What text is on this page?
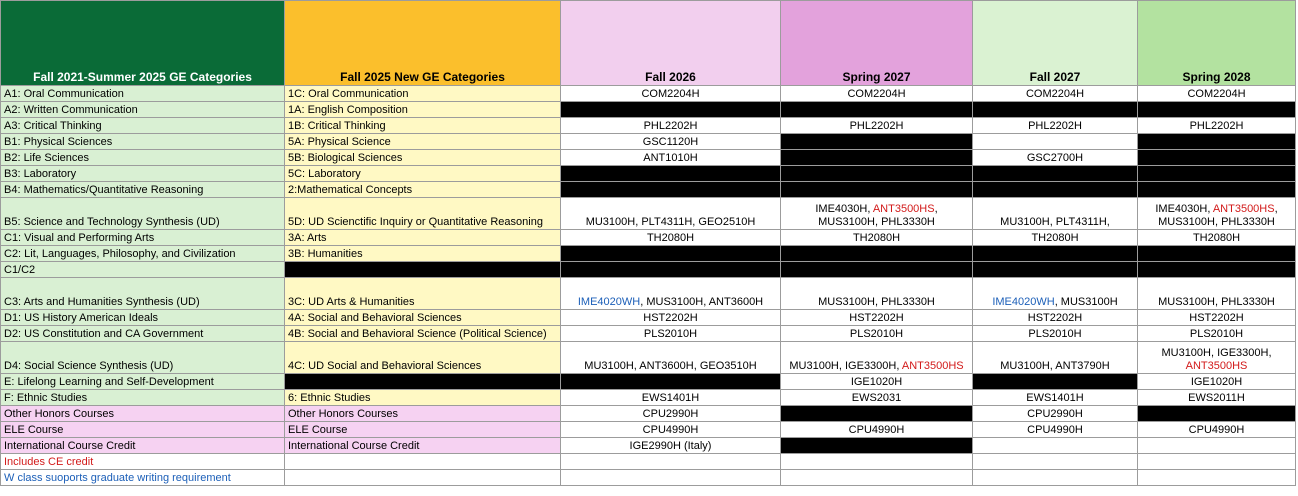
Fall 2021-Summer 2025 GE Categories	Fall 2025 New GE Categories	Fall 2026	Spring 2027	Fall 2027	Spring 2028
A1: Oral Communication	1C: Oral Communication	COM2204H	COM2204H	COM2204H	COM2204H
A2: Written Communication	1A: English Composition				
A3: Critical Thinking	1B: Critical Thinking	PHL2202H	PHL2202H	PHL2202H	PHL2202H
B1: Physical Sciences	5A: Physical Science	GSC1120H			
B2: Life Sciences	5B: Biological Sciences	ANT1010H		GSC2700H	
B3: Laboratory	5C: Laboratory				
B4: Mathematics/Quantitative Reasoning	2:Mathematical Concepts				
B5: Science and Technology Synthesis (UD)	5D: UD Scienctific Inquiry or Quantitative Reasoning	MU3100H, PLT4311H, GEO2510H	IME4030H, ANT3500HS, MUS3100H, PHL3330H	MU3100H, PLT4311H,	IME4030H, ANT3500HS, MUS3100H, PHL3330H
C1: Visual and Performing Arts	3A: Arts	TH2080H	TH2080H	TH2080H	TH2080H
C2: Lit, Languages, Philosophy, and Civilization	3B: Humanities				
C1/C2					
C3: Arts and Humanities Synthesis (UD)	3C: UD Arts & Humanities	IME4020WH, MUS3100H, ANT3600H	MUS3100H, PHL3330H	IME4020WH, MUS3100H	MUS3100H, PHL3330H
D1: US History American Ideals	4A: Social and Behavioral Sciences	HST2202H	HST2202H	HST2202H	HST2202H
D2: US Constitution and CA Government	4B: Social and Behavioral Science (Political Science)	PLS2010H	PLS2010H	PLS2010H	PLS2010H
D4: Social Science Synthesis (UD)	4C: UD Social and Behavioral Sciences	MU3100H, ANT3600H, GEO3510H	MU3100H, IGE3300H, ANT3500HS	MU3100H, ANT3790H	MU3100H, IGE3300H, ANT3500HS
E: Lifelong Learning and Self-Development			IGE1020H		IGE1020H
F: Ethnic Studies	6: Ethnic Studies	EWS1401H	EWS2031	EWS1401H	EWS2011H
Other Honors Courses	Other Honors Courses	CPU2990H		CPU2990H	
ELE Course	ELE Course	CPU4990H	CPU4990H	CPU4990H	CPU4990H
International Course Credit	International Course Credit	IGE2990H (Italy)			
Includes CE credit					
W class suoports graduate writing requirement					
